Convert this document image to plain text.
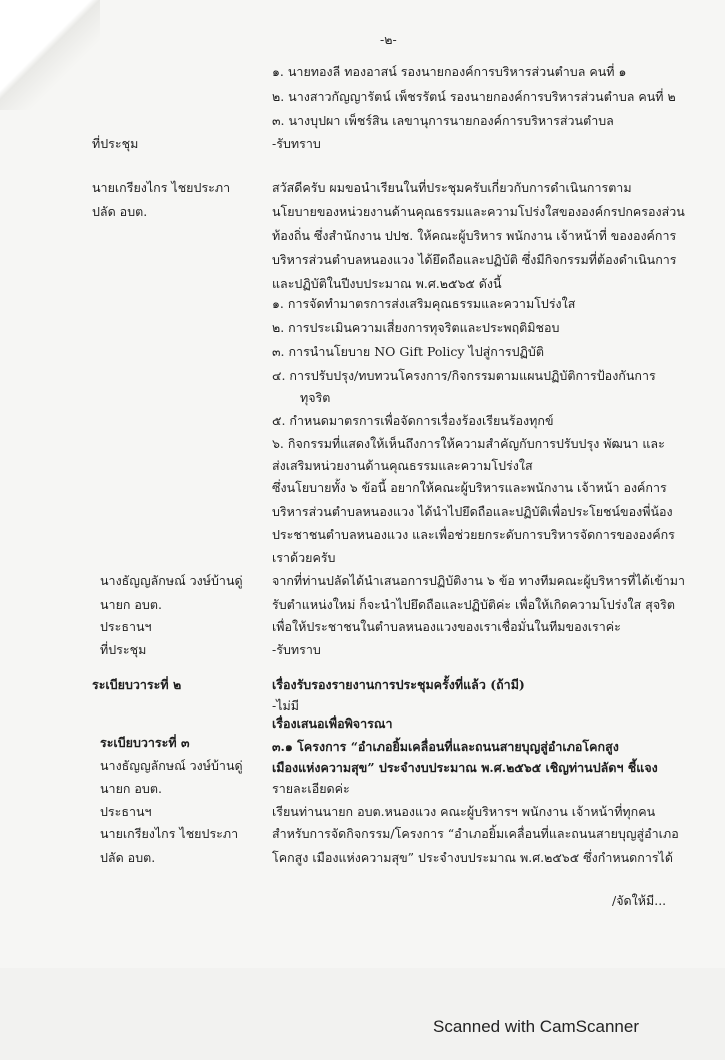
-๒-
๑. นายทองลี ทองอาสน์ รองนายกองค์การบริหารส่วนตำบล คนที่ ๑
๒. นางสาวกัญญารัตน์ เพ็ชรรัตน์ รองนายกองค์การบริหารส่วนตำบล คนที่ ๒
๓. นางบุปผา เพ็ชร์สิน เลขานุการนายกองค์การบริหารส่วนตำบล
ที่ประชุม	-รับทราบ
นายเกรียงไกร ไชยประภา
ปลัด อบต.
สวัสดีครับ ผมขอนำเรียนในที่ประชุมครับเกี่ยวกับการดำเนินการตาม
นโยบายของหน่วยงานด้านคุณธรรมและความโปร่งใสขององค์กรปกครองส่วน
ท้องถิ่น ซึ่งสำนักงาน ปปช. ให้คณะผู้บริหาร พนักงาน เจ้าหน้าที่ ขององค์การ
บริหารส่วนตำบลหนองแวง ได้ยึดถือและปฏิบัติ ซึ่งมีกิจกรรมที่ต้องดำเนินการ
และปฏิบัติในปีงบประมาณ พ.ศ.๒๕๖๕ ดังนี้
๑. การจัดทำมาตรการส่งเสริมคุณธรรมและความโปร่งใส
๒. การประเมินความเสี่ยงการทุจริตและประพฤติมิชอบ
๓. การนำนโยบาย NO Gift Policy ไปสู่การปฏิบัติ
๔. การปรับปรุง/ทบทวนโครงการ/กิจกรรมตามแผนปฏิบัติการป้องกันการ
ทุจริต
๕. กำหนดมาตรการเพื่อจัดการเรื่องร้องเรียนร้องทุกข์
๖. กิจกรรมที่แสดงให้เห็นถึงการให้ความสำคัญกับการปรับปรุง พัฒนา และ
ส่งเสริมหน่วยงานด้านคุณธรรมและความโปร่งใส
ซึ่งนโยบายทั้ง ๖ ข้อนี้ อยากให้คณะผู้บริหารและพนักงาน เจ้าหน้า องค์การ
บริหารส่วนตำบลหนองแวง ได้นำไปยึดถือและปฏิบัติเพื่อประโยชน์ของพี่น้อง
ประชาชนตำบลหนองแวง และเพื่อช่วยยกระดับการบริหารจัดการขององค์กร
เราด้วยครับ
นางธัญญลักษณ์ วงษ์บ้านดู่
นายก อบต.
ประธานฯ
ที่ประชุม
จากที่ท่านปลัดได้นำเสนอการปฏิบัติงาน ๖ ข้อ ทางทีมคณะผู้บริหารที่ได้เข้ามา
รับตำแหน่งใหม่ ก็จะนำไปยึดถือและปฏิบัติค่ะ เพื่อให้เกิดความโปร่งใส สุจริต
เพื่อให้ประชาชนในตำบลหนองแวงของเราเชื่อมั่นในทีมของเราค่ะ
-รับทราบ
ระเบียบวาระที่ ๒	เรื่องรับรองรายงานการประชุมครั้งที่แล้ว (ถ้ามี)
-ไม่มี
ระเบียบวาระที่ ๓
เรื่องเสนอเพื่อพิจารณา
นางธัญญลักษณ์ วงษ์บ้านดู่
นายก อบต.
ประธานฯ
นายเกรียงไกร ไชยประภา
ปลัด อบต.
๓.๑ โครงการ “อำเภอยิ้มเคลื่อนที่และถนนสายบุญสู่อำเภอโคกสูง
เมืองแห่งความสุข” ประจำงบประมาณ พ.ศ.๒๕๖๕ เชิญท่านปลัดฯ ชี้แจง
รายละเอียดค่ะ
เรียนท่านนายก อบต.หนองแวง คณะผู้บริหารฯ พนักงาน เจ้าหน้าที่ทุกคน
สำหรับการจัดกิจกรรม/โครงการ “อำเภอยิ้มเคลื่อนที่และถนนสายบุญสู่อำเภอ
โคกสูง เมืองแห่งความสุข” ประจำงบประมาณ พ.ศ.๒๕๖๕ ซึ่งกำหนดการได้
/จัดให้มี...
Scanned with CamScanner
